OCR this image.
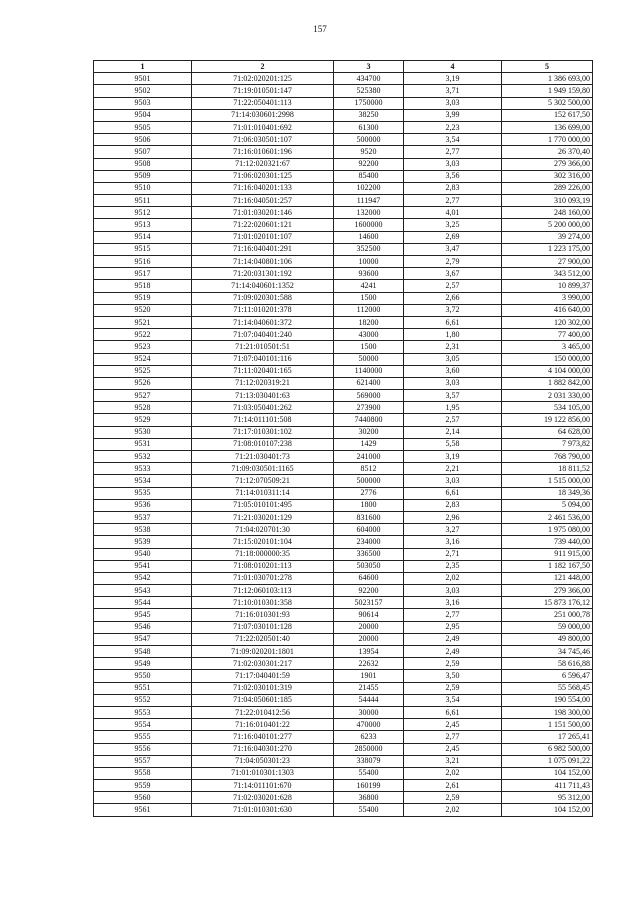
157
1	2	3	4	5
9501	71:02:020201:125	434700	3,19	1 386 693,00
9502	71:19:010501:147	525380	3,71	1 949 159,80
9503	71:22:050401:113	1750000	3,03	5 302 500,00
9504	71:14:030601:2998	38250	3,99	152 617,50
9505	71:01:010401:692	61300	2,23	136 699,00
9506	71:06:030501:107	500000	3,54	1 770 000,00
9507	71:16:010601:196	9520	2,77	26 370,40
9508	71:12:020321:67	92200	3,03	279 366,00
9509	71:06:020301:125	85400	3,56	302 316,00
9510	71:16:040201:133	102200	2,83	289 226,00
9511	71:16:040501:257	111947	2,77	310 093,19
9512	71:01:030201:146	132000	4,01	248 160,00
9513	71:22:020601:121	1600000	3,25	5 200 000,00
9514	71:01:020101:107	14600	2,69	39 274,00
9515	71:16:040401:291	352500	3,47	1 223 175,00
9516	71:14:040801:106	10000	2,79	27 900,00
9517	71:20:031301:192	93600	3,67	343 512,00
9518	71:14:040601:1352	4241	2,57	10 899,37
9519	71:09:020301:588	1500	2,66	3 990,00
9520	71:11:010201:378	112000	3,72	416 640,00
9521	71:14:040601:372	18200	6,61	120 302,00
9522	71:07:040401:240	43000	1,80	77 400,00
9523	71:21:010501:51	1500	2,31	3 465,00
9524	71:07:040101:116	50000	3,05	150 000,00
9525	71:11:020401:165	1140000	3,60	4 104 000,00
9526	71:12:020319:21	621400	3,03	1 882 842,00
9527	71:13:030401:63	569000	3,57	2 031 330,00
9528	71:03:050401:262	273900	1,95	534 105,00
9529	71:14:011101:508	7440800	2,57	19 122 856,00
9530	71:17:010301:102	30200	2,14	64 628,00
9531	71:08:010107:238	1429	5,58	7 973,82
9532	71:21:030401:73	241000	3,19	768 790,00
9533	71:09:030501:1165	8512	2,21	18 811,52
9534	71:12:070509:21	500000	3,03	1 515 000,00
9535	71:14:010311:14	2776	6,61	18 349,36
9536	71:05:010101:495	1800	2,83	5 094,00
9537	71:21:030201:129	831600	2,96	2 461 536,00
9538	71:04:020701:30	604000	3,27	1 975 080,00
9539	71:15:020101:104	234000	3,16	739 440,00
9540	71:18:000000:35	336500	2,71	911 915,00
9541	71:08:010201:113	503050	2,35	1 182 167,50
9542	71:01:030701:278	64600	2,02	121 448,00
9543	71:12:060103:113	92200	3,03	279 366,00
9544	71:10:010301:358	5023157	3,16	15 873 176,12
9545	71:16:010301:93	90614	2,77	251 000,78
9546	71:07:030101:128	20000	2,95	59 000,00
9547	71:22:020501:40	20000	2,49	49 800,00
9548	71:09:020201:1801	13954	2,49	34 745,46
9549	71:02:030301:217	22632	2,59	58 616,88
9550	71:17:040401:59	1901	3,50	6 596,47
9551	71:02:030101:319	21455	2,59	55 568,45
9552	71:04:050601:185	54444	3,54	190 554,00
9553	71:22:010412:56	30000	6,61	198 300,00
9554	71:16:010401:22	470000	2,45	1 151 500,00
9555	71:16:040101:277	6233	2,77	17 265,41
9556	71:16:040301:270	2850000	2,45	6 982 500,00
9557	71:04:050301:23	338079	3,21	1 075 091,22
9558	71:01:010301:1303	55400	2,02	104 152,00
9559	71:14:011101:670	160199	2,61	411 711,43
9560	71:02:030201:628	36800	2,59	95 312,00
9561	71:01:010301:630	55400	2,02	104 152,00
